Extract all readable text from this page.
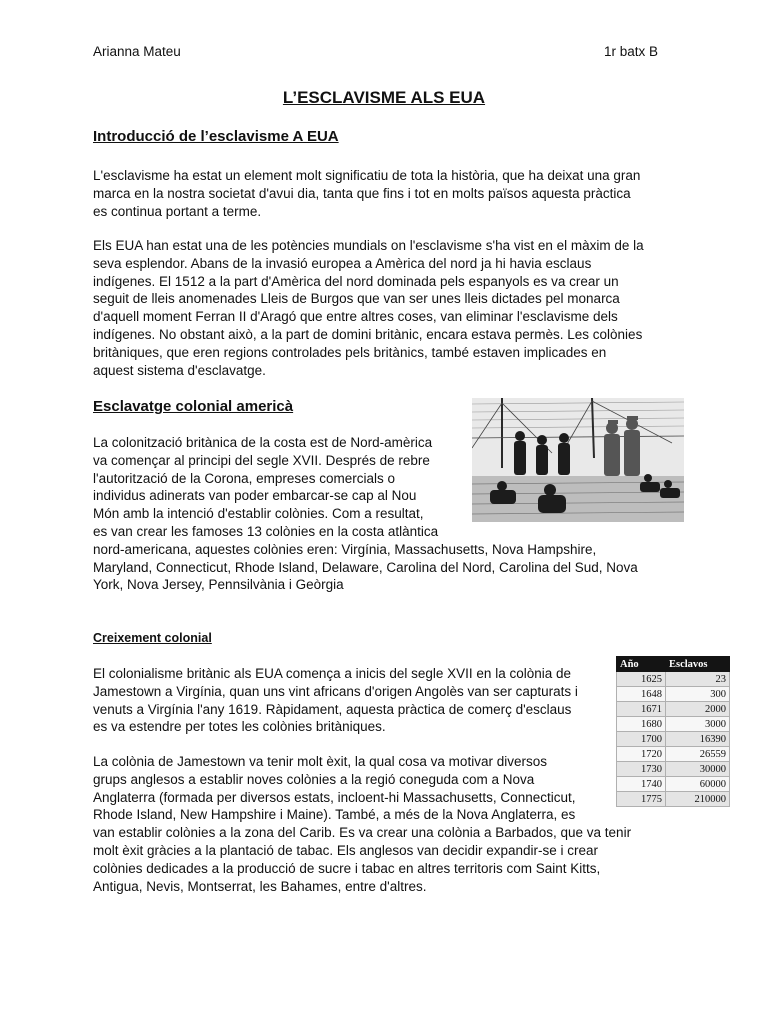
Arianna Mateu	1r batx B
L’ESCLAVISME ALS EUA
Introducció de l’esclavisme A EUA

L'esclavisme ha estat un element molt significatiu de tota la història, que ha deixat una gran
marca en la nostra societat d'avui dia, tanta que fins i tot en molts països aquesta pràctica
es continua portant a terme.

Els EUA han estat una de les potències mundials on l'esclavisme s'ha vist en el màxim de la
seva esplendor. Abans de la invasió europea a Amèrica del nord ja hi havia esclaus
indígenes. El 1512 a la part d'Amèrica del nord dominada pels espanyols es va crear un
seguit de lleis anomenades Lleis de Burgos que van ser unes lleis dictades pel monarca
d'aquell moment Ferran II d'Aragó que entre altres coses, van eliminar l'esclavisme dels
indígenes. No obstant això, a la part de domini britànic, encara estava permès. Les colònies
britàniques, que eren regions controlades pels britànics, també estaven implicades en
aquest sistema d'esclavatge.

Esclavatge colonial americà

La colonització britànica de la costa est de Nord-amèrica
va començar al principi del segle XVII. Després de rebre
l'autorització de la Corona, empreses comercials o
individus adinerats van poder embarcar-se cap al Nou
Món amb la intenció d'establir colònies. Com a resultat,
es van crear les famoses 13 colònies en la costa atlàntica
nord-americana, aquestes colònies eren: Virgínia, Massachusetts, Nova Hampshire,
Maryland, Connecticut, Rhode Island, Delaware, Carolina del Nord, Carolina del Sud, Nova
York, Nova Jersey, Pennsilvània i Geòrgia

Creixement colonial

El colonialisme britànic als EUA comença a inicis del segle XVII en la colònia de
Jamestown a Virgínia, quan uns vint africans d'origen Angolès van ser capturats i
venuts a Virgínia l'any 1619. Ràpidament, aquesta pràctica de comerç d'esclaus
es va estendre per totes les colònies britàniques.

La colònia de Jamestown va tenir molt èxit, la qual cosa va motivar diversos
grups anglesos a establir noves colònies a la regió coneguda com a Nova
Anglaterra (formada per diversos estats, incloent-hi Massachusetts, Connecticut,
Rhode Island, New Hampshire i Maine). També, a més de la Nova Anglaterra, es
van establir colònies a la zona del Carib. Es va crear una colònia a Barbados, que va tenir
molt èxit gràcies a la plantació de tabac. Els anglesos van decidir expandir-se i crear
colònies dedicades a la producció de sucre i tabac en altres territoris com Saint Kitts,
Antigua, Nevis, Montserrat, les Bahames, entre d'altres.

Año	Esclavos
1625	23
1648	300
1671	2000
1680	3000
1700	16390
1720	26559
1730	30000
1740	60000
1775	210000
